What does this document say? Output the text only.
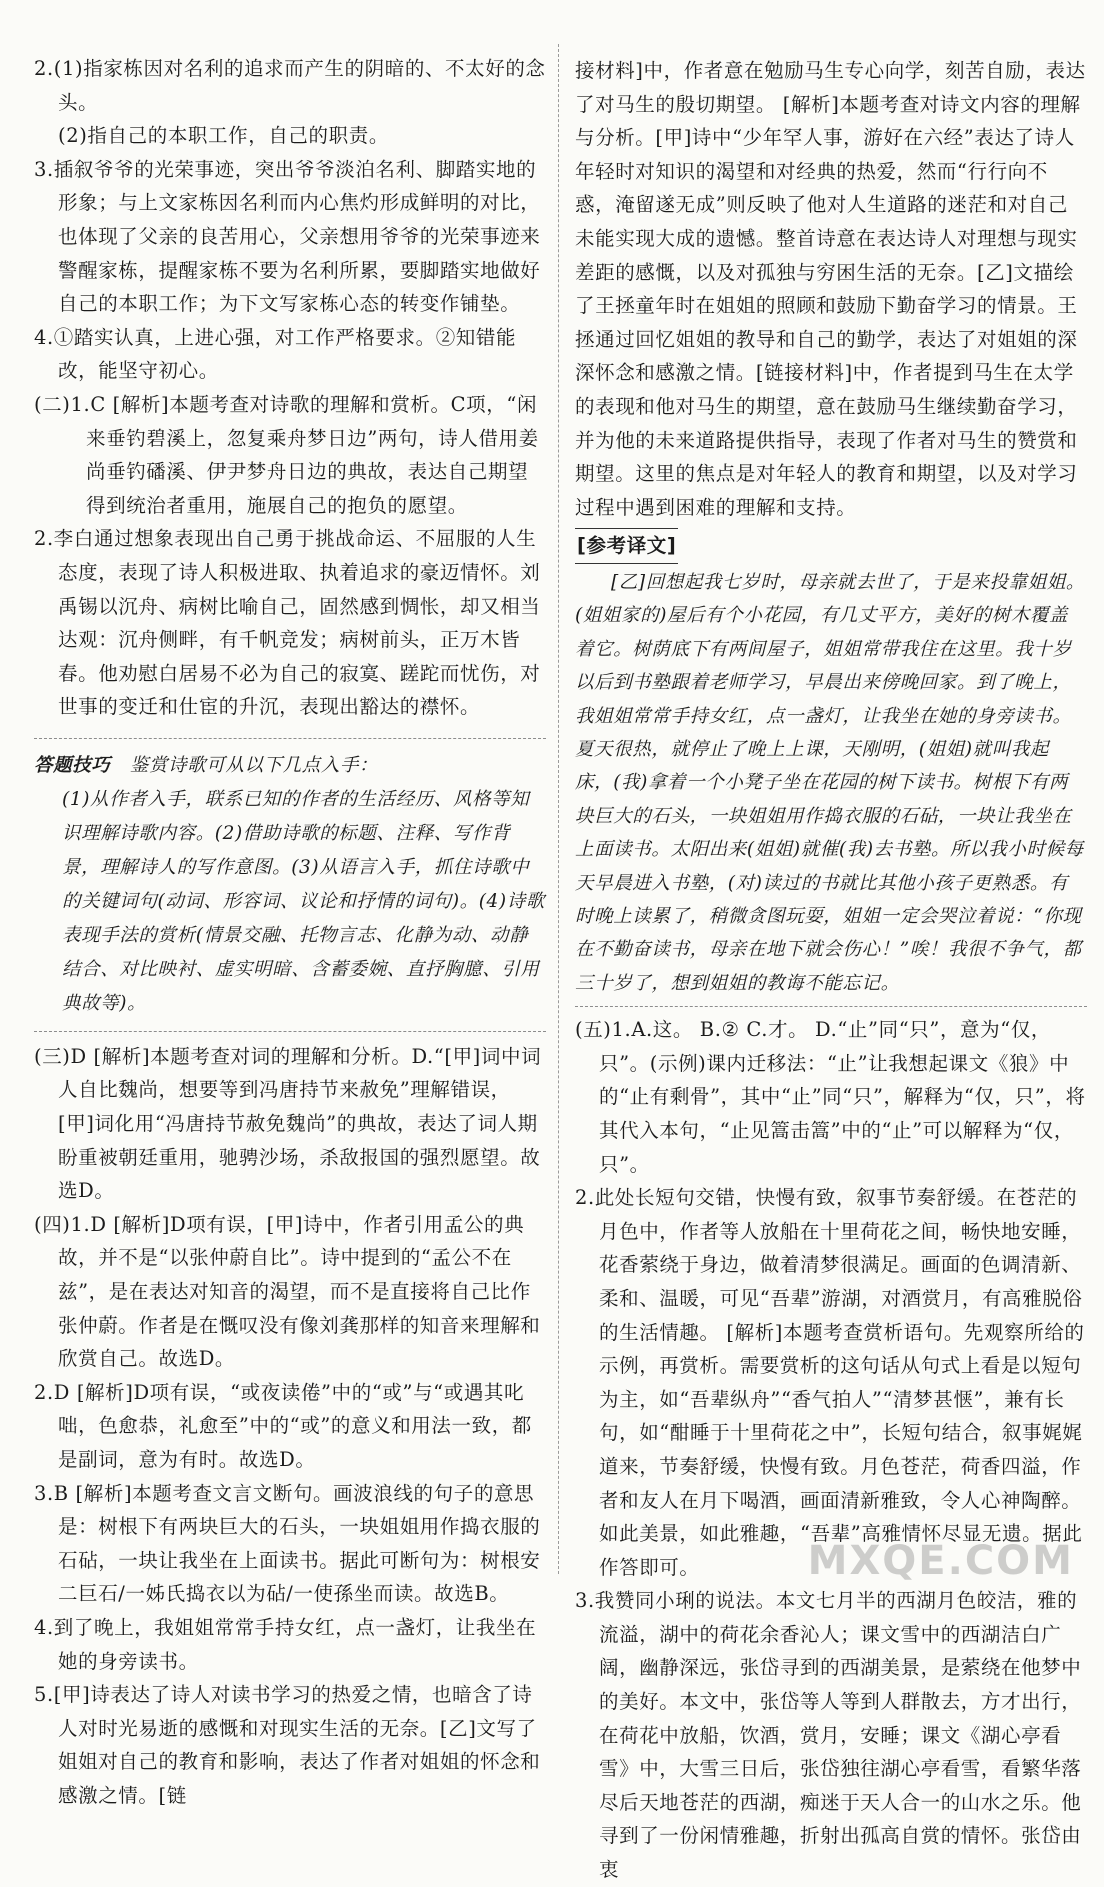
2.(1)指家栋因对名利的追求而产生的阴暗的、不太好的念头。
(2)指自己的本职工作，自己的职责。
3.插叙爷爷的光荣事迹，突出爷爷淡泊名利、脚踏实地的形象；与上文家栋因名利而内心焦灼形成鲜明的对比，也体现了父亲的良苦用心，父亲想用爷爷的光荣事迹来警醒家栋，提醒家栋不要为名利所累，要脚踏实地做好自己的本职工作；为下文写家栋心态的转变作铺垫。
4.①踏实认真，上进心强，对工作严格要求。②知错能改，能坚守初心。
(二)1.C [解析]本题考查对诗歌的理解和赏析。C项，“闲来垂钓碧溪上，忽复乘舟梦日边”两句，诗人借用姜尚垂钓磻溪、伊尹梦舟日边的典故，表达自己期望得到统治者重用，施展自己的抱负的愿望。
2.李白通过想象表现出自己勇于挑战命运、不屈服的人生态度，表现了诗人积极进取、执着追求的豪迈情怀。刘禹锡以沉舟、病树比喻自己，固然感到惆怅，却又相当达观：沉舟侧畔，有千帆竞发；病树前头，正万木皆春。他劝慰白居易不必为自己的寂寞、蹉跎而忧伤，对世事的变迁和仕宦的升沉，表现出豁达的襟怀。
答题技巧 鉴赏诗歌可从以下几点入手：
(1)从作者入手，联系已知的作者的生活经历、风格等知识理解诗歌内容。(2)借助诗歌的标题、注释、写作背景，理解诗人的写作意图。(3)从语言入手，抓住诗歌中的关键词句(动词、形容词、议论和抒情的词句)。(4)诗歌表现手法的赏析(情景交融、托物言志、化静为动、动静结合、对比映衬、虚实明暗、含蓄委婉、直抒胸臆、引用典故等)。
(三)D [解析]本题考查对词的理解和分析。D.“[甲]词中词人自比魏尚，想要等到冯唐持节来赦免”理解错误，[甲]词化用“冯唐持节赦免魏尚”的典故，表达了词人期盼重被朝廷重用，驰骋沙场，杀敌报国的强烈愿望。故选D。
(四)1.D [解析]D项有误，[甲]诗中，作者引用孟公的典故，并不是“以张仲蔚自比”。诗中提到的“孟公不在兹”，是在表达对知音的渴望，而不是直接将自己比作张仲蔚。作者是在慨叹没有像刘龚那样的知音来理解和欣赏自己。故选D。
2.D [解析]D项有误，“或夜读倦”中的“或”与“或遇其叱咄，色愈恭，礼愈至”中的“或”的意义和用法一致，都是副词，意为有时。故选D。
3.B [解析]本题考查文言文断句。画波浪线的句子的意思是：树根下有两块巨大的石头，一块姐姐用作捣衣服的石砧，一块让我坐在上面读书。据此可断句为：树根安二巨石/一姊氏捣衣以为砧/一使孫坐而读。故选B。
4.到了晚上，我姐姐常常手持女红，点一盏灯，让我坐在她的身旁读书。
5.[甲]诗表达了诗人对读书学习的热爱之情，也暗含了诗人对时光易逝的感慨和对现实生活的无奈。[乙]文写了姐姐对自己的教育和影响，表达了作者对姐姐的怀念和感激之情。[链
接材料]中，作者意在勉励马生专心向学，刻苦自励，表达了对马生的殷切期望。 [解析]本题考查对诗文内容的理解与分析。[甲]诗中“少年罕人事，游好在六经”表达了诗人年轻时对知识的渴望和对经典的热爱，然而“行行向不惑，淹留遂无成”则反映了他对人生道路的迷茫和对自己未能实现大成的遗憾。整首诗意在表达诗人对理想与现实差距的感慨，以及对孤独与穷困生活的无奈。[乙]文描绘了王拯童年时在姐姐的照顾和鼓励下勤奋学习的情景。王拯通过回忆姐姐的教导和自己的勤学，表达了对姐姐的深深怀念和感激之情。[链接材料]中，作者提到马生在太学的表现和他对马生的期望，意在鼓励马生继续勤奋学习，并为他的未来道路提供指导，表现了作者对马生的赞赏和期望。这里的焦点是对年轻人的教育和期望，以及对学习过程中遇到困难的理解和支持。
[参考译文]
[乙]回想起我七岁时，母亲就去世了，于是来投靠姐姐。(姐姐家的)屋后有个小花园，有几丈平方，美好的树木覆盖着它。树荫底下有两间屋子，姐姐常带我住在这里。我十岁以后到书塾跟着老师学习，早晨出来傍晚回家。到了晚上，我姐姐常常手持女红，点一盏灯，让我坐在她的身旁读书。夏天很热，就停止了晚上上课，天刚明，(姐姐)就叫我起床，(我)拿着一个小凳子坐在花园的树下读书。树根下有两块巨大的石头，一块姐姐用作捣衣服的石砧，一块让我坐在上面读书。太阳出来(姐姐)就催(我)去书塾。所以我小时候每天早晨进入书塾，(对)读过的书就比其他小孩子更熟悉。有时晚上读累了，稍微贪图玩耍，姐姐一定会哭泣着说：“你现在不勤奋读书，母亲在地下就会伤心！”唉！我很不争气，都三十岁了，想到姐姐的教诲不能忘记。
(五)1.A.这。 B.② C.才。 D.“止”同“只”，意为“仅，只”。(示例)课内迁移法：“止”让我想起课文《狼》中的“止有剩骨”，其中“止”同“只”，解释为“仅，只”，将其代入本句，“止见篙击篙”中的“止”可以解释为“仅，只”。
2.此处长短句交错，快慢有致，叙事节奏舒缓。在苍茫的月色中，作者等人放船在十里荷花之间，畅快地安睡，花香萦绕于身边，做着清梦很满足。画面的色调清新、柔和、温暖，可见“吾辈”游湖，对酒赏月，有高雅脱俗的生活情趣。 [解析]本题考查赏析语句。先观察所给的示例，再赏析。需要赏析的这句话从句式上看是以短句为主，如“吾辈纵舟”“香气拍人”“清梦甚惬”，兼有长句，如“酣睡于十里荷花之中”，长短句结合，叙事娓娓道来，节奏舒缓，快慢有致。月色苍茫，荷香四溢，作者和友人在月下喝酒，画面清新雅致，令人心神陶醉。如此美景，如此雅趣，“吾辈”高雅情怀尽显无遗。据此作答即可。
3.我赞同小琍的说法。本文七月半的西湖月色皎洁，雅的流溢，湖中的荷花余香沁人；课文雪中的西湖洁白广阔，幽静深远，张岱寻到的西湖美景，是萦绕在他梦中的美好。本文中，张岱等人等到人群散去，方才出行，在荷花中放船，饮酒，赏月，安睡；课文《湖心亭看雪》中，大雪三日后，张岱独往湖心亭看雪，看繁华落尽后天地苍茫的西湖，痴迷于天人合一的山水之乐。他寻到了一份闲情雅趣，折射出孤高自赏的情怀。张岱由衷
MXQE.COM
